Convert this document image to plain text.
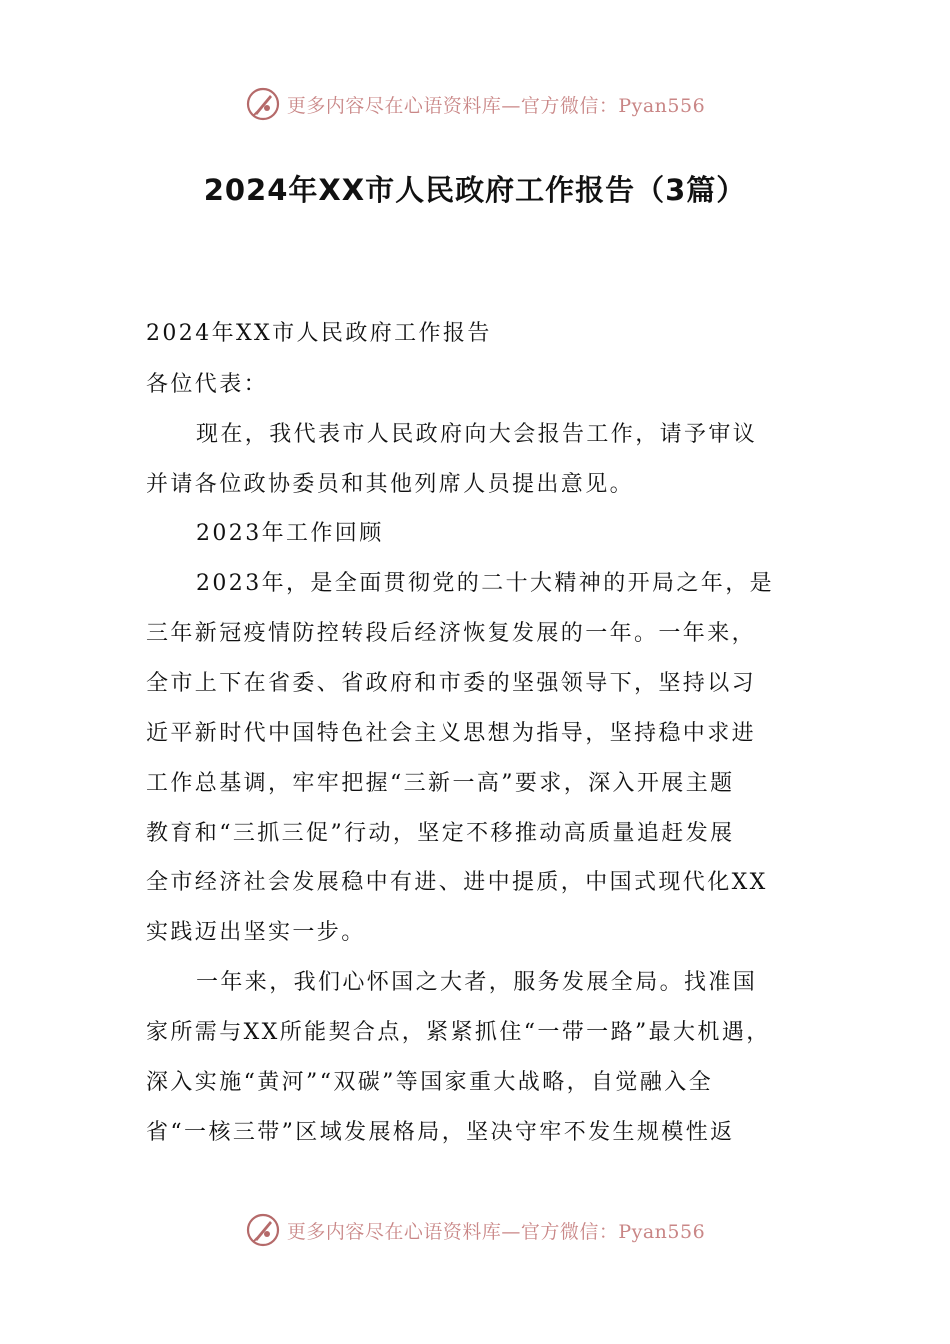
更多内容尽在心语资料库—官方微信：Pyan556
2024年XX市人民政府工作报告（3篇）
2024年XX市人民政府工作报告
各位代表：
现在，我代表市人民政府向大会报告工作，请予审议
并请各位政协委员和其他列席人员提出意见。
2023年工作回顾
2023年，是全面贯彻党的二十大精神的开局之年，是
三年新冠疫情防控转段后经济恢复发展的一年。一年来，
全市上下在省委、省政府和市委的坚强领导下，坚持以习
近平新时代中国特色社会主义思想为指导，坚持稳中求进
工作总基调，牢牢把握“三新一高”要求，深入开展主题
教育和“三抓三促”行动，坚定不移推动高质量追赶发展
全市经济社会发展稳中有进、进中提质，中国式现代化XX
实践迈出坚实一步。
一年来，我们心怀国之大者，服务发展全局。找准国
家所需与XX所能契合点，紧紧抓住“一带一路”最大机遇，
深入实施“黄河”“双碳”等国家重大战略，自觉融入全
省“一核三带”区域发展格局，坚决守牢不发生规模性返
更多内容尽在心语资料库—官方微信：Pyan556
